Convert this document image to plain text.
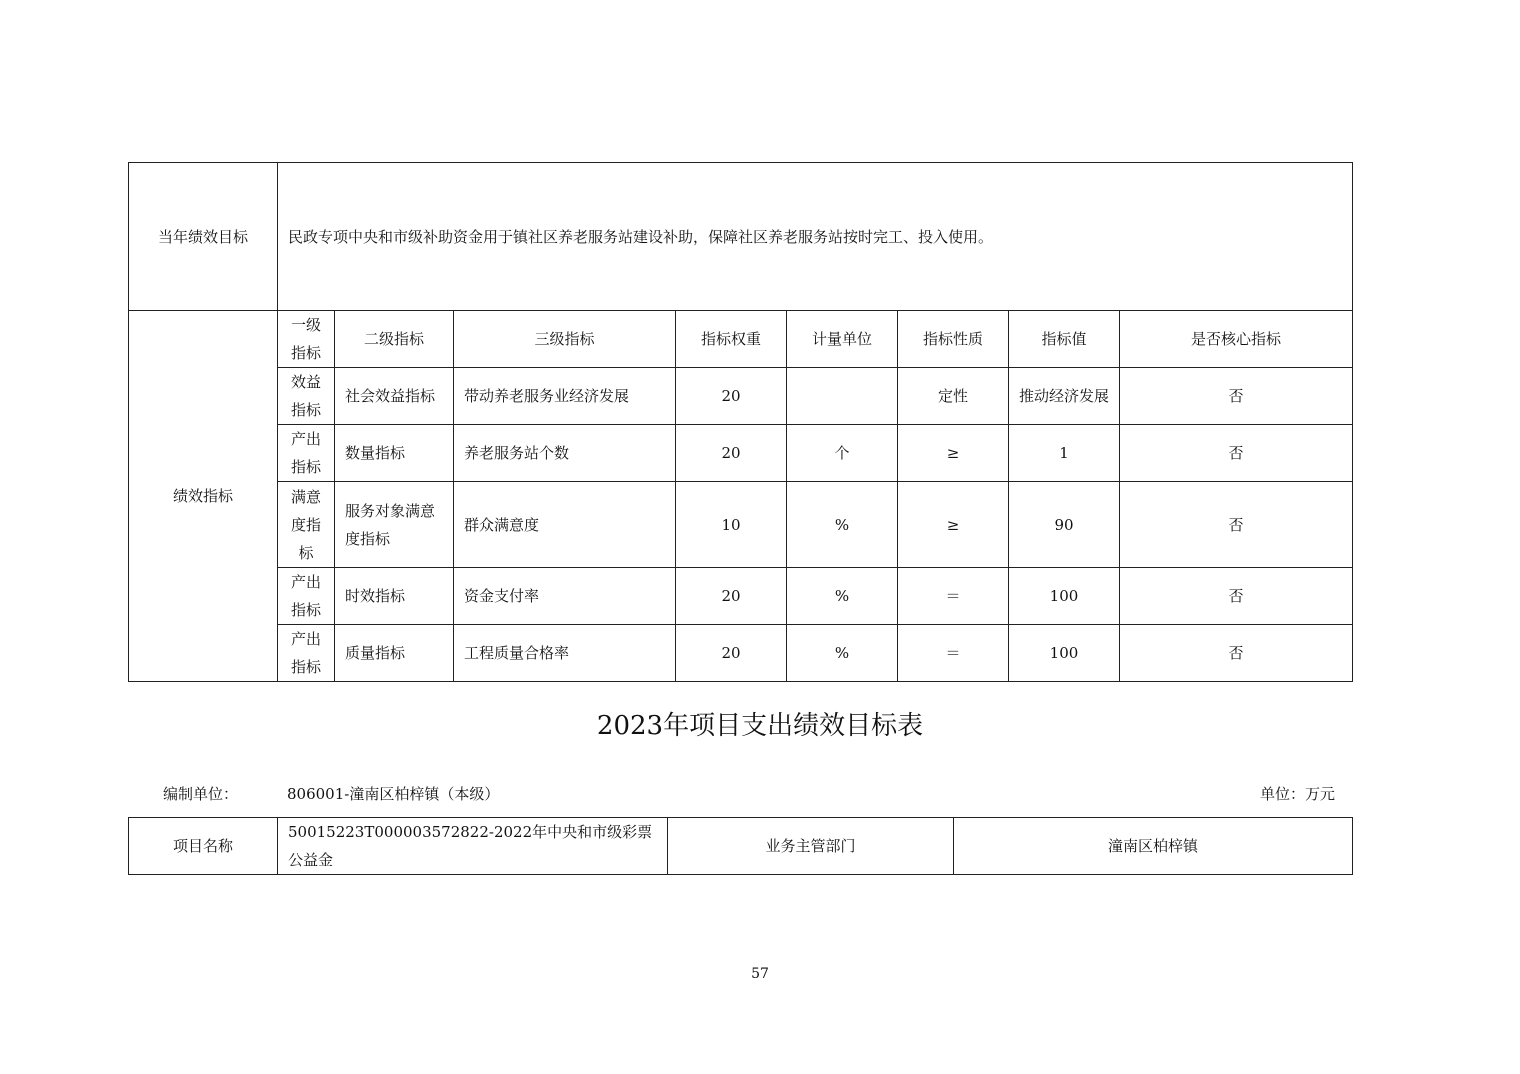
当年绩效目标	民政专项中央和市级补助资金用于镇社区养老服务站建设补助，保障社区养老服务站按时完工、投入使用。							
绩效指标	一级指标	二级指标	三级指标	指标权重	计量单位	指标性质	指标值	是否核心指标
	效益指标	社会效益指标	带动养老服务业经济发展	20		定性	推动经济发展	否
	产出指标	数量指标	养老服务站个数	20	个	≥	1	否
	满意度指标	服务对象满意度指标	群众满意度	10	%	≥	90	否
	产出指标	时效指标	资金支付率	20	%	＝	100	否
	产出指标	质量指标	工程质量合格率	20	%	＝	100	否
2023年项目支出绩效目标表
编制单位：	806001-潼南区柏梓镇（本级）	单位：万元
项目名称	50015223T000003572822-2022年中央和市级彩票公益金	业务主管部门	潼南区柏梓镇
57
